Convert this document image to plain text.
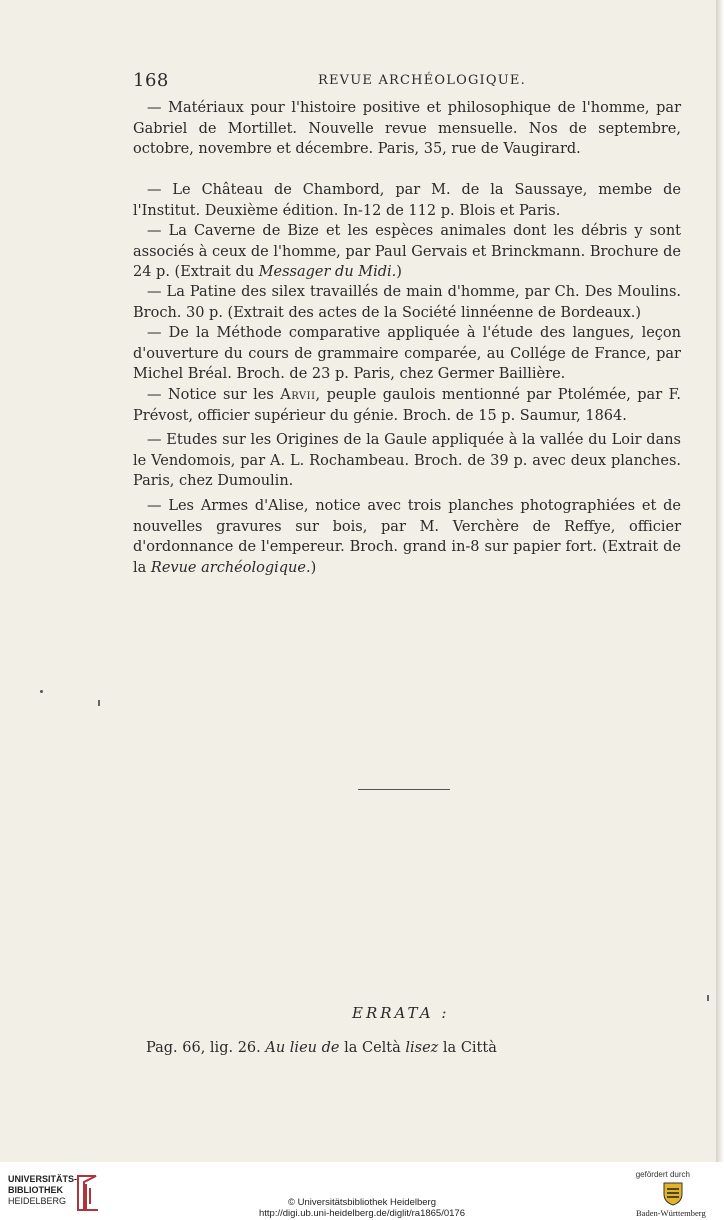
168	REVUE ARCHÉOLOGIQUE.

— Matériaux pour l'histoire positive et philosophique de l'homme, par Gabriel de Mortillet. Nouvelle revue mensuelle. Nos de septembre, octobre, novembre et décembre. Paris, 35, rue de Vaugirard.

— Le Château de Chambord, par M. de la Saussaye, membe de l'Institut. Deuxième édition. In-12 de 112 p. Blois et Paris.

— La Caverne de Bize et les espèces animales dont les débris y sont associés à ceux de l'homme, par Paul Gervais et Brinckmann. Brochure de 24 p. (Extrait du Messager du Midi.)

— La Patine des silex travaillés de main d'homme, par Ch. Des Moulins. Broch. 30 p. (Extrait des actes de la Société linnéenne de Bordeaux.)

— De la Méthode comparative appliquée à l'étude des langues, leçon d'ouverture du cours de grammaire comparée, au Collége de France, par Michel Bréal. Broch. de 23 p. Paris, chez Germer Baillière.

— Notice sur les Arvii, peuple gaulois mentionné par Ptolémée, par F. Prévost, officier supérieur du génie. Broch. de 15 p. Saumur, 1864.

— Etudes sur les Origines de la Gaule appliquée à la vallée du Loir dans le Vendomois, par A. L. Rochambeau. Broch. de 39 p. avec deux planches. Paris, chez Dumoulin.

— Les Armes d'Alise, notice avec trois planches photographiées et de nouvelles gravures sur bois, par M. Verchère de Reffye, officier d'ordonnance de l'empereur. Broch. grand in-8 sur papier fort. (Extrait de la Revue archéologique.)

ERRATA :
Pag. 66, lig. 26. Au lieu de la Celtà lisez la Città
UNIVERSITÄTS-
BIBLIOTHEK
HEIDELBERG	© Universitätsbibliothek Heidelberg
http://digi.ub.uni-heidelberg.de/diglit/ra1865/0176
gefördert durch
Baden-Württemberg
